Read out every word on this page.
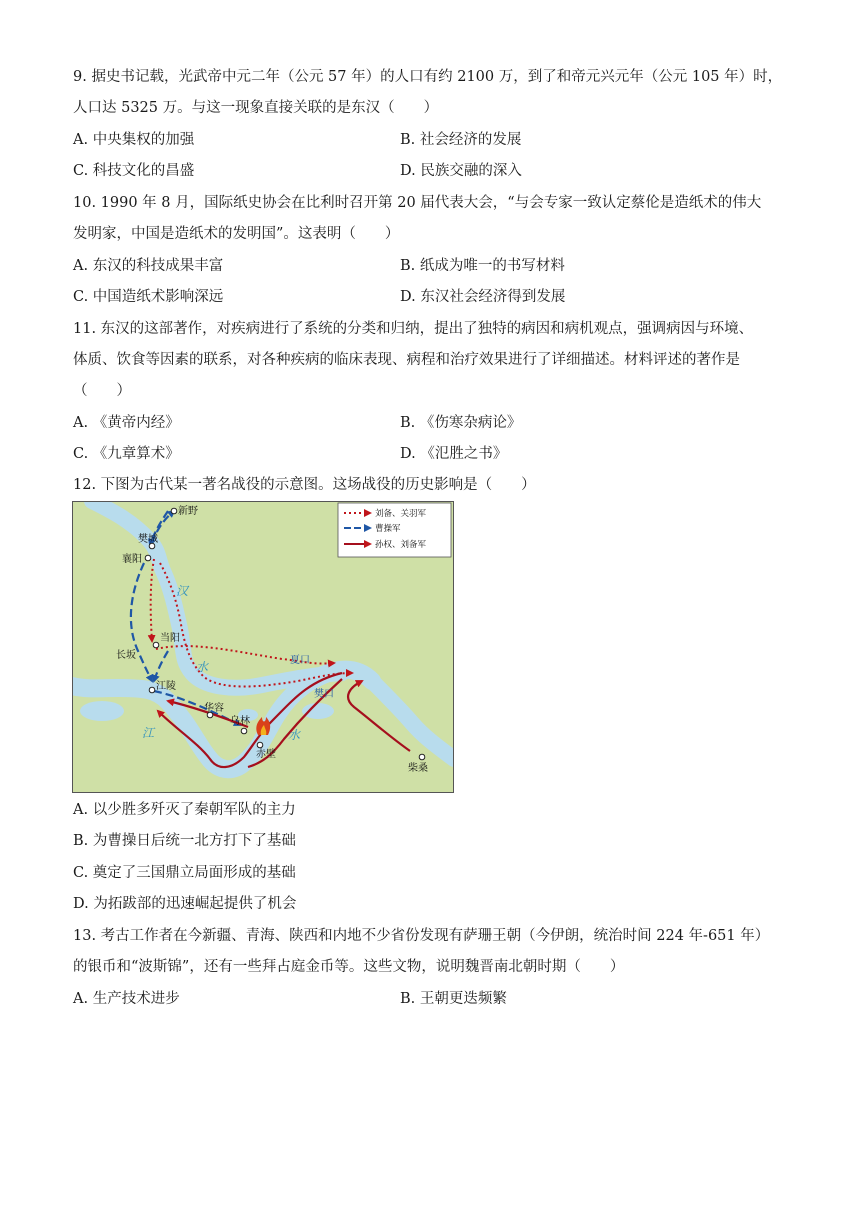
9. 据史书记载，光武帝中元二年（公元 57 年）的人口有约 2100 万，到了和帝元兴元年（公元 105 年）时，
人口达 5325 万。与这一现象直接关联的是东汉（　　）
A. 中央集权的加强	B. 社会经济的发展
C. 科技文化的昌盛	D. 民族交融的深入
10. 1990 年 8 月，国际纸史协会在比利时召开第 20 届代表大会，“与会专家一致认定蔡伦是造纸术的伟大
发明家，中国是造纸术的发明国”。这表明（　　）
A. 东汉的科技成果丰富	B. 纸成为唯一的书写材料
C. 中国造纸术影响深远	D. 东汉社会经济得到发展
11. 东汉的这部著作，对疾病进行了系统的分类和归纳，提出了独特的病因和病机观点，强调病因与环境、
体质、饮食等因素的联系，对各种疾病的临床表现、病程和治疗效果进行了详细描述。材料评述的著作是
（　　）
A. 《黄帝内经》	B. 《伤寒杂病论》
C. 《九章算术》	D. 《氾胜之书》
12. 下图为古代某一著名战役的示意图。这场战役的历史影响是（　　）
新野
樊城
襄阳
当阳
长坂
江陵
华容
乌林
赤壁
柴桑
夏口
樊口
汉
水
江	水
刘备、关羽军
曹操军
孙权、刘备军
A. 以少胜多歼灭了秦朝军队的主力
B. 为曹操日后统一北方打下了基础
C. 奠定了三国鼎立局面形成的基础
D. 为拓跋部的迅速崛起提供了机会
13. 考古工作者在今新疆、青海、陕西和内地不少省份发现有萨珊王朝（今伊朗，统治时间 224 年-651 年）
的银币和“波斯锦”，还有一些拜占庭金币等。这些文物，说明魏晋南北朝时期（　　）
A. 生产技术进步	B. 王朝更迭频繁
